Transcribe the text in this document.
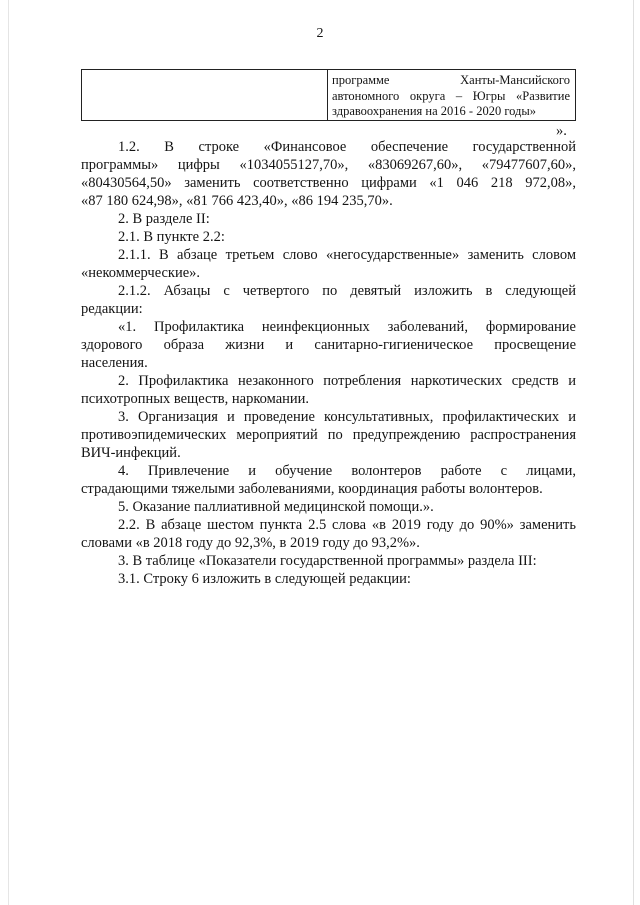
2
программе Ханты-Мансийского
автономного округа – Югры «Развитие
здравоохранения на 2016 - 2020 годы»
».
1.2. В строке «Финансовое обеспечение государственной
программы» цифры «1034055127,70», «83069267,60», «79477607,60»,
«80430564,50» заменить соответственно цифрами «1 046 218 972,08»,
«87 180 624,98», «81 766 423,40», «86 194 235,70».
2. В разделе II:
2.1. В пункте 2.2:
2.1.1. В абзаце третьем слово «негосударственные» заменить словом
«некоммерческие».
2.1.2. Абзацы с четвертого по девятый изложить в следующей
редакции:
«1. Профилактика неинфекционных заболеваний, формирование
здорового образа жизни и санитарно-гигиеническое просвещение
населения.
2. Профилактика незаконного потребления наркотических средств и
психотропных веществ, наркомании.
3. Организация и проведение консультативных, профилактических и
противоэпидемических мероприятий по предупреждению распространения
ВИЧ-инфекций.
4. Привлечение и обучение волонтеров работе с лицами,
страдающими тяжелыми заболеваниями, координация работы волонтеров.
5. Оказание паллиативной медицинской помощи.».
2.2. В абзаце шестом пункта 2.5 слова «в 2019 году до 90%» заменить
словами «в 2018 году до 92,3%, в 2019 году до 93,2%».
3. В таблице «Показатели государственной программы» раздела III:
3.1. Строку 6 изложить в следующей редакции:
